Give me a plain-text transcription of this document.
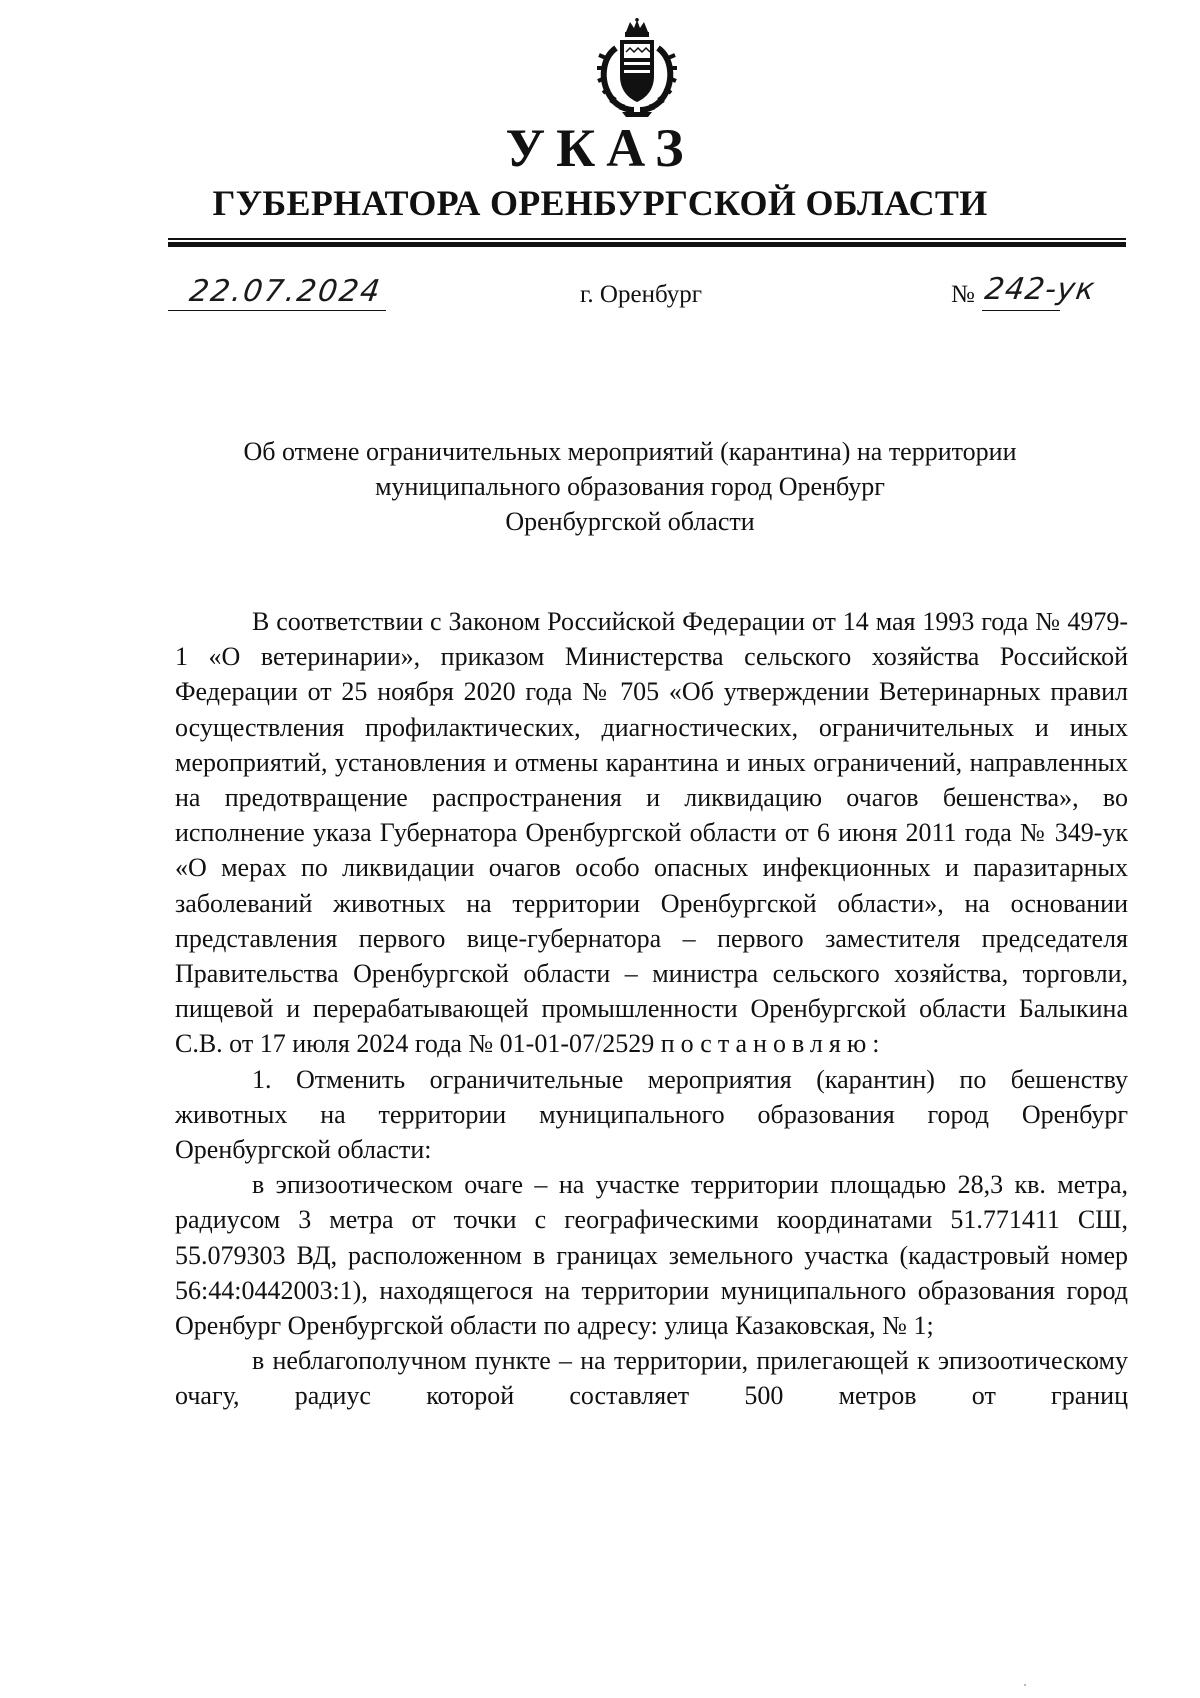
УКАЗ
ГУБЕРНАТОРА ОРЕНБУРГСКОЙ ОБЛАСТИ
22.07.2024	г. Оренбург	№ 242-ук
Об отмене ограничительных мероприятий (карантина) на территории
муниципального образования город Оренбург
Оренбургской области

В соответствии с Законом Российской Федерации от 14 мая 1993 года № 4979-1 «О ветеринарии», приказом Министерства сельского хозяйства Российской Федерации от 25 ноября 2020 года № 705 «Об утверждении Ветеринарных правил осуществления профилактических, диагностических, ограничительных и иных мероприятий, установления и отмены карантина и иных ограничений, направленных на предотвращение распространения и ликвидацию очагов бешенства», во исполнение указа Губернатора Оренбургской области от 6 июня 2011 года № 349-ук «О мерах по ликвидации очагов особо опасных инфекционных и паразитарных заболеваний животных на территории Оренбургской области», на основании представления первого вице-губернатора – первого заместителя председателя Правительства Оренбургской области – министра сельского хозяйства, торговли, пищевой и перерабатывающей промышленности Оренбургской области Балыкина С.В. от 17 июля 2024 года № 01-01-07/2529 постановляю:

1. Отменить ограничительные мероприятия (карантин) по бешенству животных на территории муниципального образования город Оренбург Оренбургской области:

в эпизоотическом очаге – на участке территории площадью 28,3 кв. метра, радиусом 3 метра от точки с географическими координатами 51.771411 СШ, 55.079303 ВД, расположенном в границах земельного участка (кадастровый номер 56:44:0442003:1), находящегося на территории муниципального образования город Оренбург Оренбургской области по адресу: улица Казаковская, № 1;

в неблагополучном пункте – на территории, прилегающей к эпизоотическому очагу, радиус которой составляет 500 метров от границ
